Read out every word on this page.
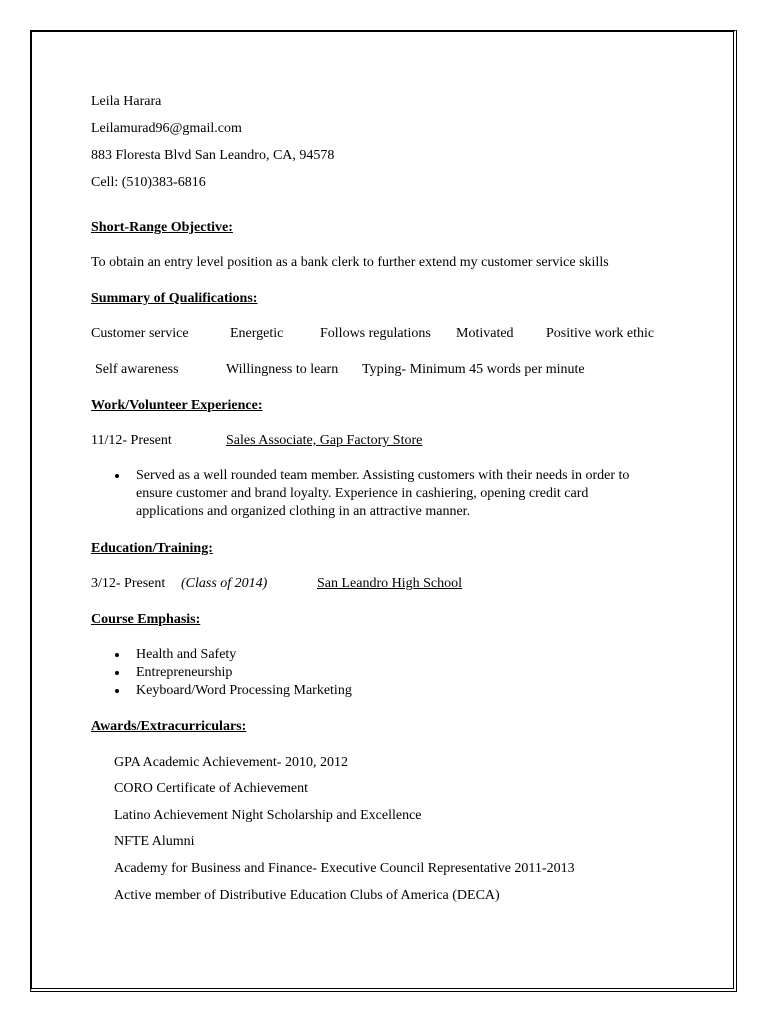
Leila Harara
Leilamurad96@gmail.com
883 Floresta Blvd San Leandro, CA, 94578
Cell: (510)383-6816
Short-Range Objective:
To obtain an entry level position as a bank clerk to further extend my customer service skills
Summary of Qualifications:
Customer service	Energetic	Follows regulations Motivated Positive work ethic
Self awareness	Willingness to learn Typing- Minimum 45 words per minute
Work/Volunteer Experience:
11/12- Present	Sales Associate, Gap Factory Store
Served as a well rounded team member. Assisting customers with their needs in order to
ensure customer and brand loyalty. Experience in cashiering, opening credit card
applications and organized clothing in an attractive manner.
Education/Training:
3/12- Present (Class of 2014)	San Leandro High School
Course Emphasis:
Health and Safety
Entrepreneurship
Keyboard/Word Processing Marketing
Awards/Extracurriculars:
GPA Academic Achievement- 2010, 2012
CORO Certificate of Achievement
Latino Achievement Night Scholarship and Excellence
NFTE Alumni
Academy for Business and Finance- Executive Council Representative 2011-2013
Active member of Distributive Education Clubs of America (DECA)
